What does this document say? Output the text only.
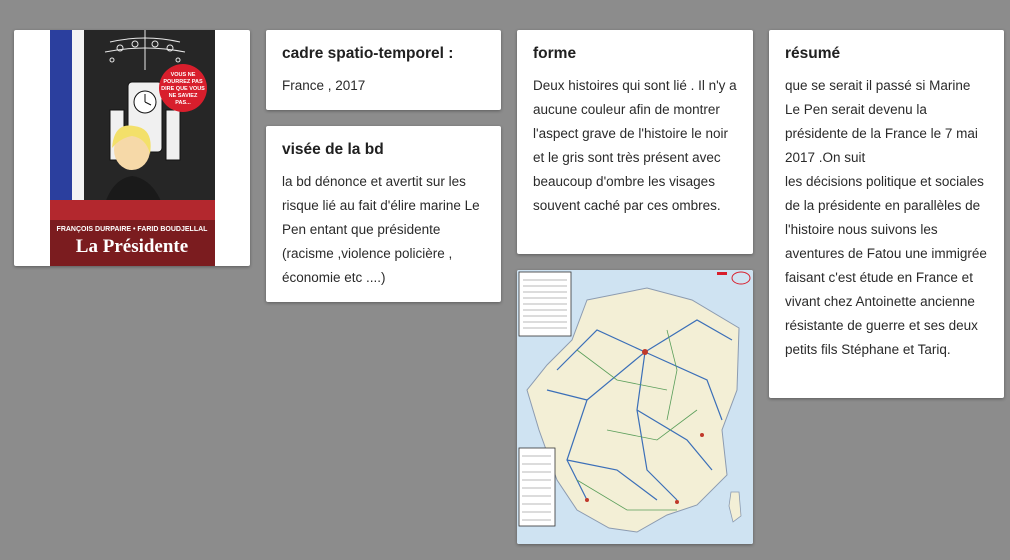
VOUS NE
POURREZ PAS
DIRE QUE VOUS
NE SAVIEZ
PAS...
FRANÇOIS DURPAIRE • FARID BOUDJELLAL
La Présidente
cadre spatio-temporel :
France , 2017
visée de la bd
la bd dénonce et avertit sur les risque lié au fait d'élire marine Le Pen entant que présidente (racisme ,violence policière , économie etc ....)
forme
Deux histoires qui sont lié . Il n'y a aucune couleur afin de montrer l'aspect grave de l'histoire le noir et le gris sont très présent avec beaucoup d'ombre les visages souvent caché par ces ombres.
résumé
que se serait il passé si Marine
Le Pen serait devenu la présidente de la France le 7 mai 2017 .On suit
les décisions politique et sociales de la présidente en parallèles de l'histoire nous suivons les aventures de Fatou une immigrée faisant c'est étude en France et vivant chez Antoinette ancienne résistante de guerre et ses deux petits fils Stéphane et Tariq.
